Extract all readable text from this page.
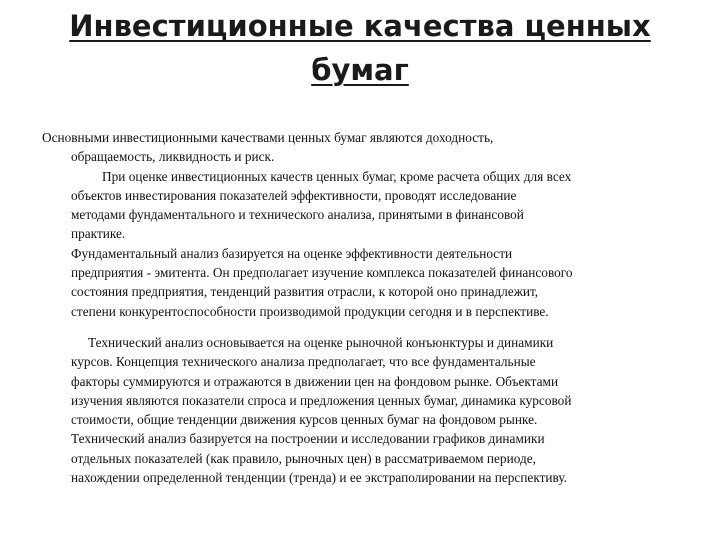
Инвестиционные качества ценных
бумаг
Основными инвестиционными качествами ценных бумаг являются доходность,
обращаемость, ликвидность и риск.
При оценке инвестиционных качеств ценных бумаг, кроме расчета общих для всех
объектов инвестирования показателей эффективности, проводят исследование
методами фундаментального и технического анализа, принятыми в финансовой
практике.
Фундаментальный анализ базируется на оценке эффективности деятельности
предприятия - эмитента. Он предполагает изучение комплекса показателей финансового
состояния предприятия, тенденций развития отрасли, к которой оно принадлежит,
степени конкурентоспособности производимой продукции сегодня и в перспективе.
Технический анализ основывается на оценке рыночной конъюнктуры и динамики
курсов. Концепция технического анализа предполагает, что все фундаментальные
факторы суммируются и отражаются в движении цен на фондовом рынке. Объектами
изучения являются показатели спроса и предложения ценных бумаг, динамика курсовой
стоимости, общие тенденции движения курсов ценных бумаг на фондовом рынке.
Технический анализ базируется на построении и исследовании графиков динамики
отдельных показателей (как правило, рыночных цен) в рассматриваемом периоде,
нахождении определенной тенденции (тренда) и ее экстраполировании на перспективу.
